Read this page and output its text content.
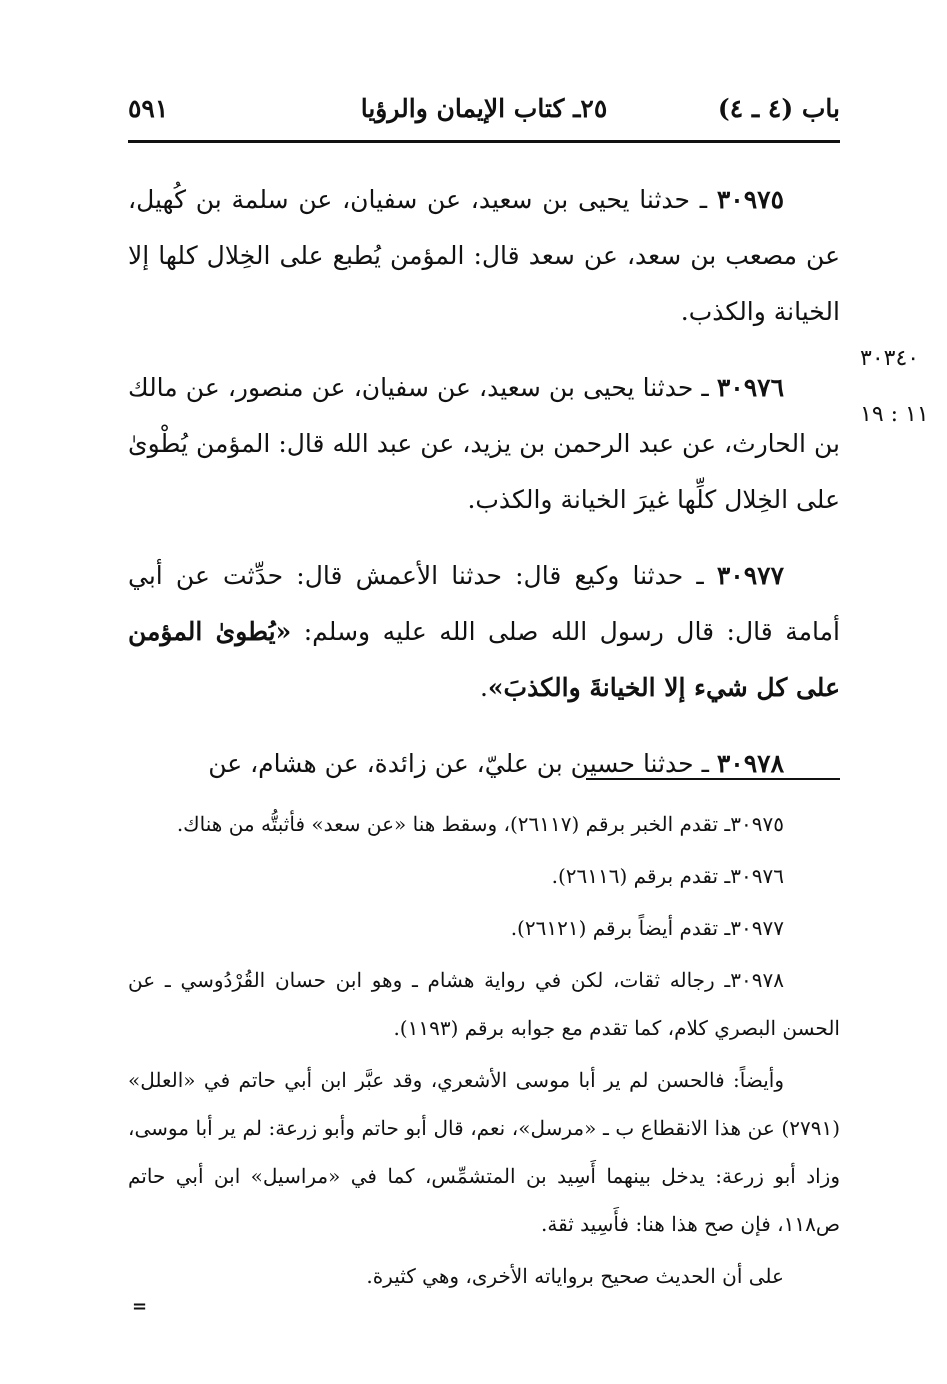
باب (٤ ـ ٤)
٢٥ـ كتاب الإيمان والرؤيا
٥٩١
٣٠٣٤٠
١١ : ١٩

٣٠٩٧٥ ـ حدثنا يحيى بن سعيد، عن سفيان، عن سلمة بن كُهيل، عن مصعب بن سعد، عن سعد قال: المؤمن يُطبع على الخِلال كلها إلا الخيانة والكذب.

٣٠٩٧٦ ـ حدثنا يحيى بن سعيد، عن سفيان، عن منصور، عن مالك بن الحارث، عن عبد الرحمن بن يزيد، عن عبد الله قال: المؤمن يُطْوىٰ على الخِلال كلِّها غيرَ الخيانة والكذب.

٣٠٩٧٧ ـ حدثنا وكيع قال: حدثنا الأعمش قال: حدِّثت عن أبي أمامة قال: قال رسول الله صلى الله عليه وسلم: «يُطوىٰ المؤمن على كل شيء إلا الخيانةَ والكذبَ».

٣٠٩٧٨ ـ حدثنا حسين بن عليّ، عن زائدة، عن هشام، عن

٣٠٩٧٥ـ تقدم الخبر برقم (٢٦١١٧)، وسقط هنا «عن سعد» فأثبتُّه من هناك.

٣٠٩٧٦ـ تقدم برقم (٢٦١١٦).

٣٠٩٧٧ـ تقدم أيضاً برقم (٢٦١٢١).

٣٠٩٧٨ـ رجاله ثقات، لكن في رواية هشام ـ وهو ابن حسان القُرْدُوسي ـ عن الحسن البصري كلام، كما تقدم مع جوابه برقم (١١٩٣).

وأيضاً: فالحسن لم ير أبا موسى الأشعري، وقد عبَّر ابن أبي حاتم في «العلل» (٢٧٩١) عن هذا الانقطاع ب ـ «مرسل»، نعم، قال أبو حاتم وأبو زرعة: لم ير أبا موسى، وزاد أبو زرعة: يدخل بينهما أَسِيد بن المتشمِّس، كما في «مراسيل» ابن أبي حاتم ص١١٨، فإن صح هذا هنا: فأَسِيد ثقة.

على أن الحديث صحيح برواياته الأخرى، وهي كثيرة.

=
